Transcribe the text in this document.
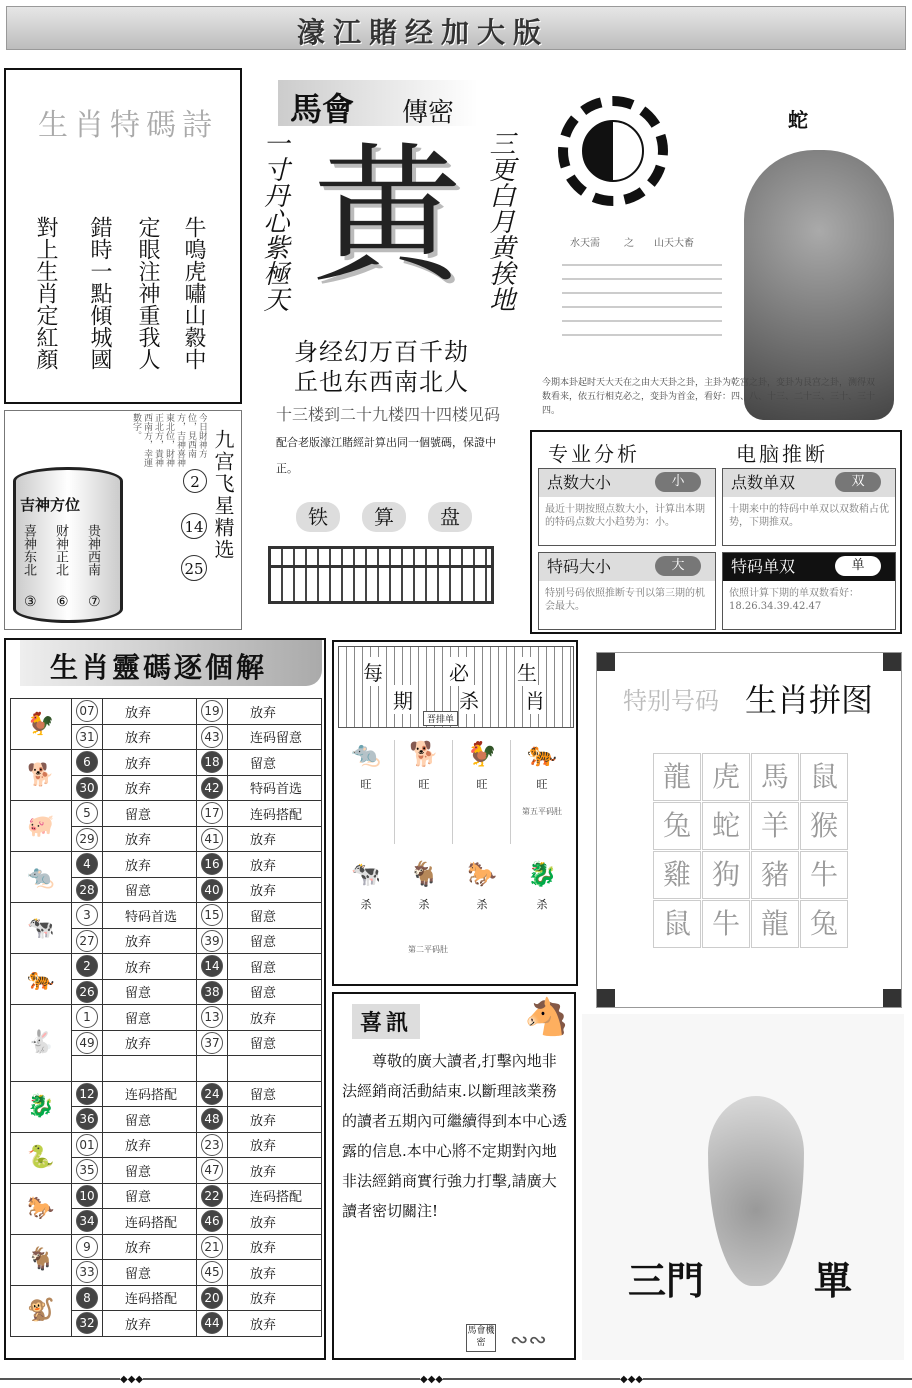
濠江賭经加大版
生肖特碼詩
對上生肖定紅顏 錯時一點傾城國 定眼注神重我人 牛鳴虎嘯山縠中
馬會 傳密
一寸丹心紫極天	三更白月黄挨地
黄
身经幻万百千劫
丘也东西南北人
十三楼到二十九楼四十四楼见码
配合老版濠江賭經計算出同一個號碼，保證中正。
铁	算	盘
蛇
水天需 之 山天大畜
今期本卦起时天大天在之由大天卦之卦，主卦为乾宫之卦，变卦为艮宫之卦，测得双数看来，依五行相克必之，变卦为首金，看好：四、八、十三、二十三、三十、三十四。
今日財神方位，見西南方，吉神喜神東北位，財神正北方，貴神西南方，幸運數字。
吉神方位
喜神东北 财神正北 贵神西南
③ ⑥ ⑦
2
14
25
九宫飞星精选	专业分析	电脑推断
点数大小	小
最近十期按照点数大小，计算出本期的特码点数大小趋势为：小。
点数单双	双
十期来中的特码中单双以双数稍占优势，下期推双。
特码大小	大
特别号码依照推断专刊以第三期的机会最大。
特码单双	单
依照计算下期的单双数看好：18.26.34.39.42.47
生肖靈碼逐個解
🐓	07	放弃	19	放弃
	31	放弃	43	连码留意
🐕	6	放弃	18	留意
	30	放弃	42	特码首选
🐖	5	留意	17	连码搭配
	29	放弃	41	放弃
🐀	4	放弃	16	放弃
	28	留意	40	放弃
🐄	3	特码首选	15	留意
	27	放弃	39	留意
🐅	2	放弃	14	留意
	26	留意	38	留意
🐇	1	留意	13	放弃
	49	放弃	37	留意

🐉	12	连码搭配	24	留意
	36	留意	48	放弃
🐍	01	放弃	23	放弃
	35	留意	47	放弃
🐎	10	留意	22	连码搭配
	34	连码搭配	46	放弃
🐐	9	放弃	21	放弃
	33	留意	45	放弃
🐒	8	连码搭配	20	放弃
	32	放弃	44	放弃
每
期
必
杀
生
肖
晋排单
🐀
旺
🐕
旺
🐓
旺
🐅
旺
第五平码肚
🐄
杀
🐐
杀
🐎
杀
🐉
杀
第二平码肚
特别号码 生肖拼图
龍 虎 馬 鼠
兔 蛇 羊 猴
雞 狗 豬 牛
鼠 牛 龍 兔
喜訊	🐴
尊敬的廣大讀者,打擊內地非法經銷商活動結束.以斷理該業務的讀者五期內可繼續得到本中心透露的信息.本中心將不定期對內地非法經銷商實行強力打擊,請廣大讀者密切關注!
馬會機密	∾∾
三門	單
◆◆◆	◆◆◆	◆◆◆
